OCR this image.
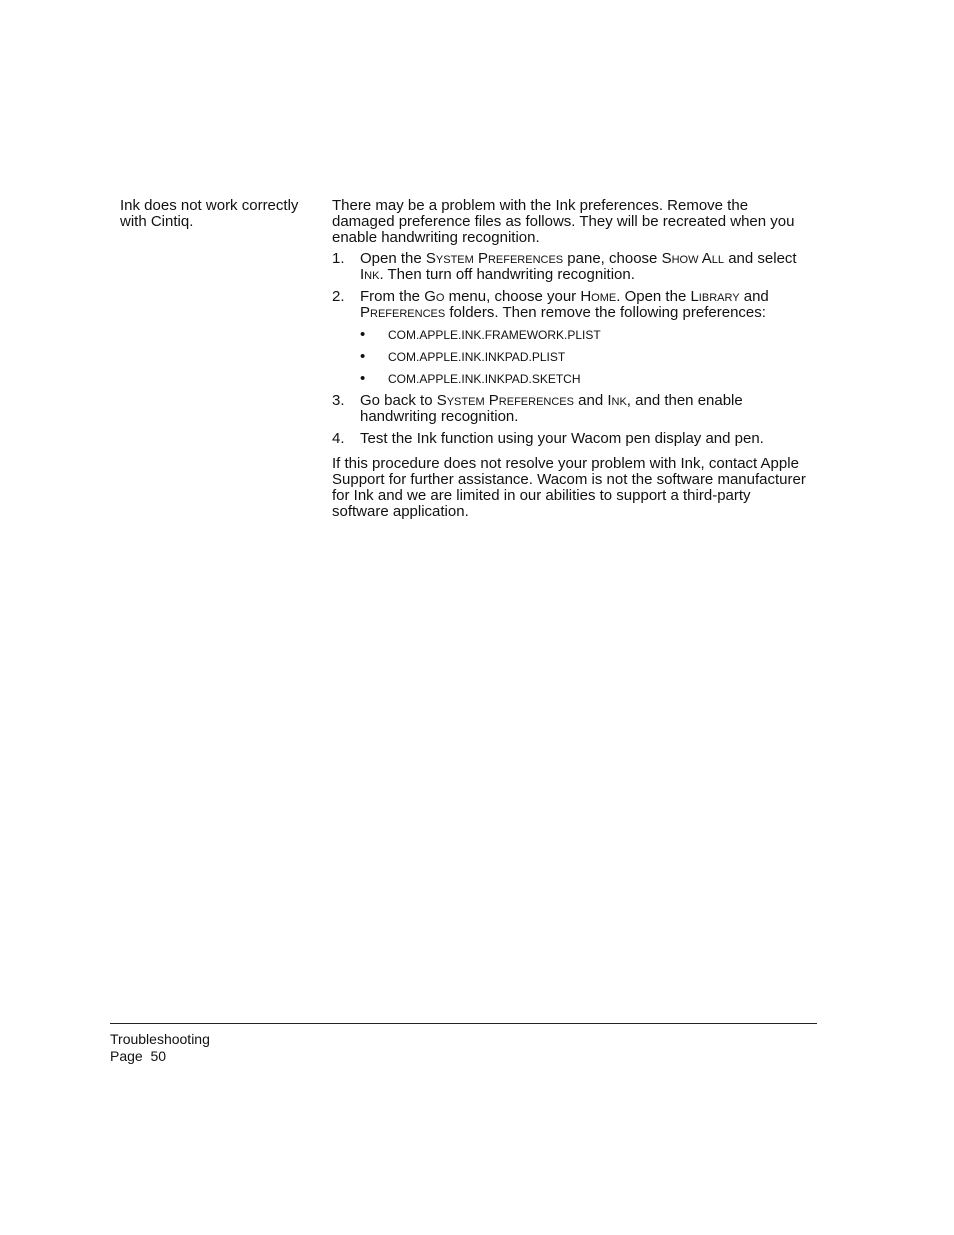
Ink does not work correctly with Cintiq.

There may be a problem with the Ink preferences. Remove the damaged preference files as follows. They will be recreated when you enable handwriting recognition.

1.	Open the System Preferences pane, choose Show All and select Ink. Then turn off handwriting recognition.
2.	From the Go menu, choose your Home. Open the Library and Preferences folders. Then remove the following preferences:
•	COM.APPLE.INK.FRAMEWORK.PLIST
•	COM.APPLE.INK.INKPAD.PLIST
•	COM.APPLE.INK.INKPAD.SKETCH
3.	Go back to System Preferences and Ink, and then enable handwriting recognition.
4.	Test the Ink function using your Wacom pen display and pen.

If this procedure does not resolve your problem with Ink, contact Apple Support for further assistance. Wacom is not the software manufacturer for Ink and we are limited in our abilities to support a third-party software application.

Troubleshooting
Page  50
